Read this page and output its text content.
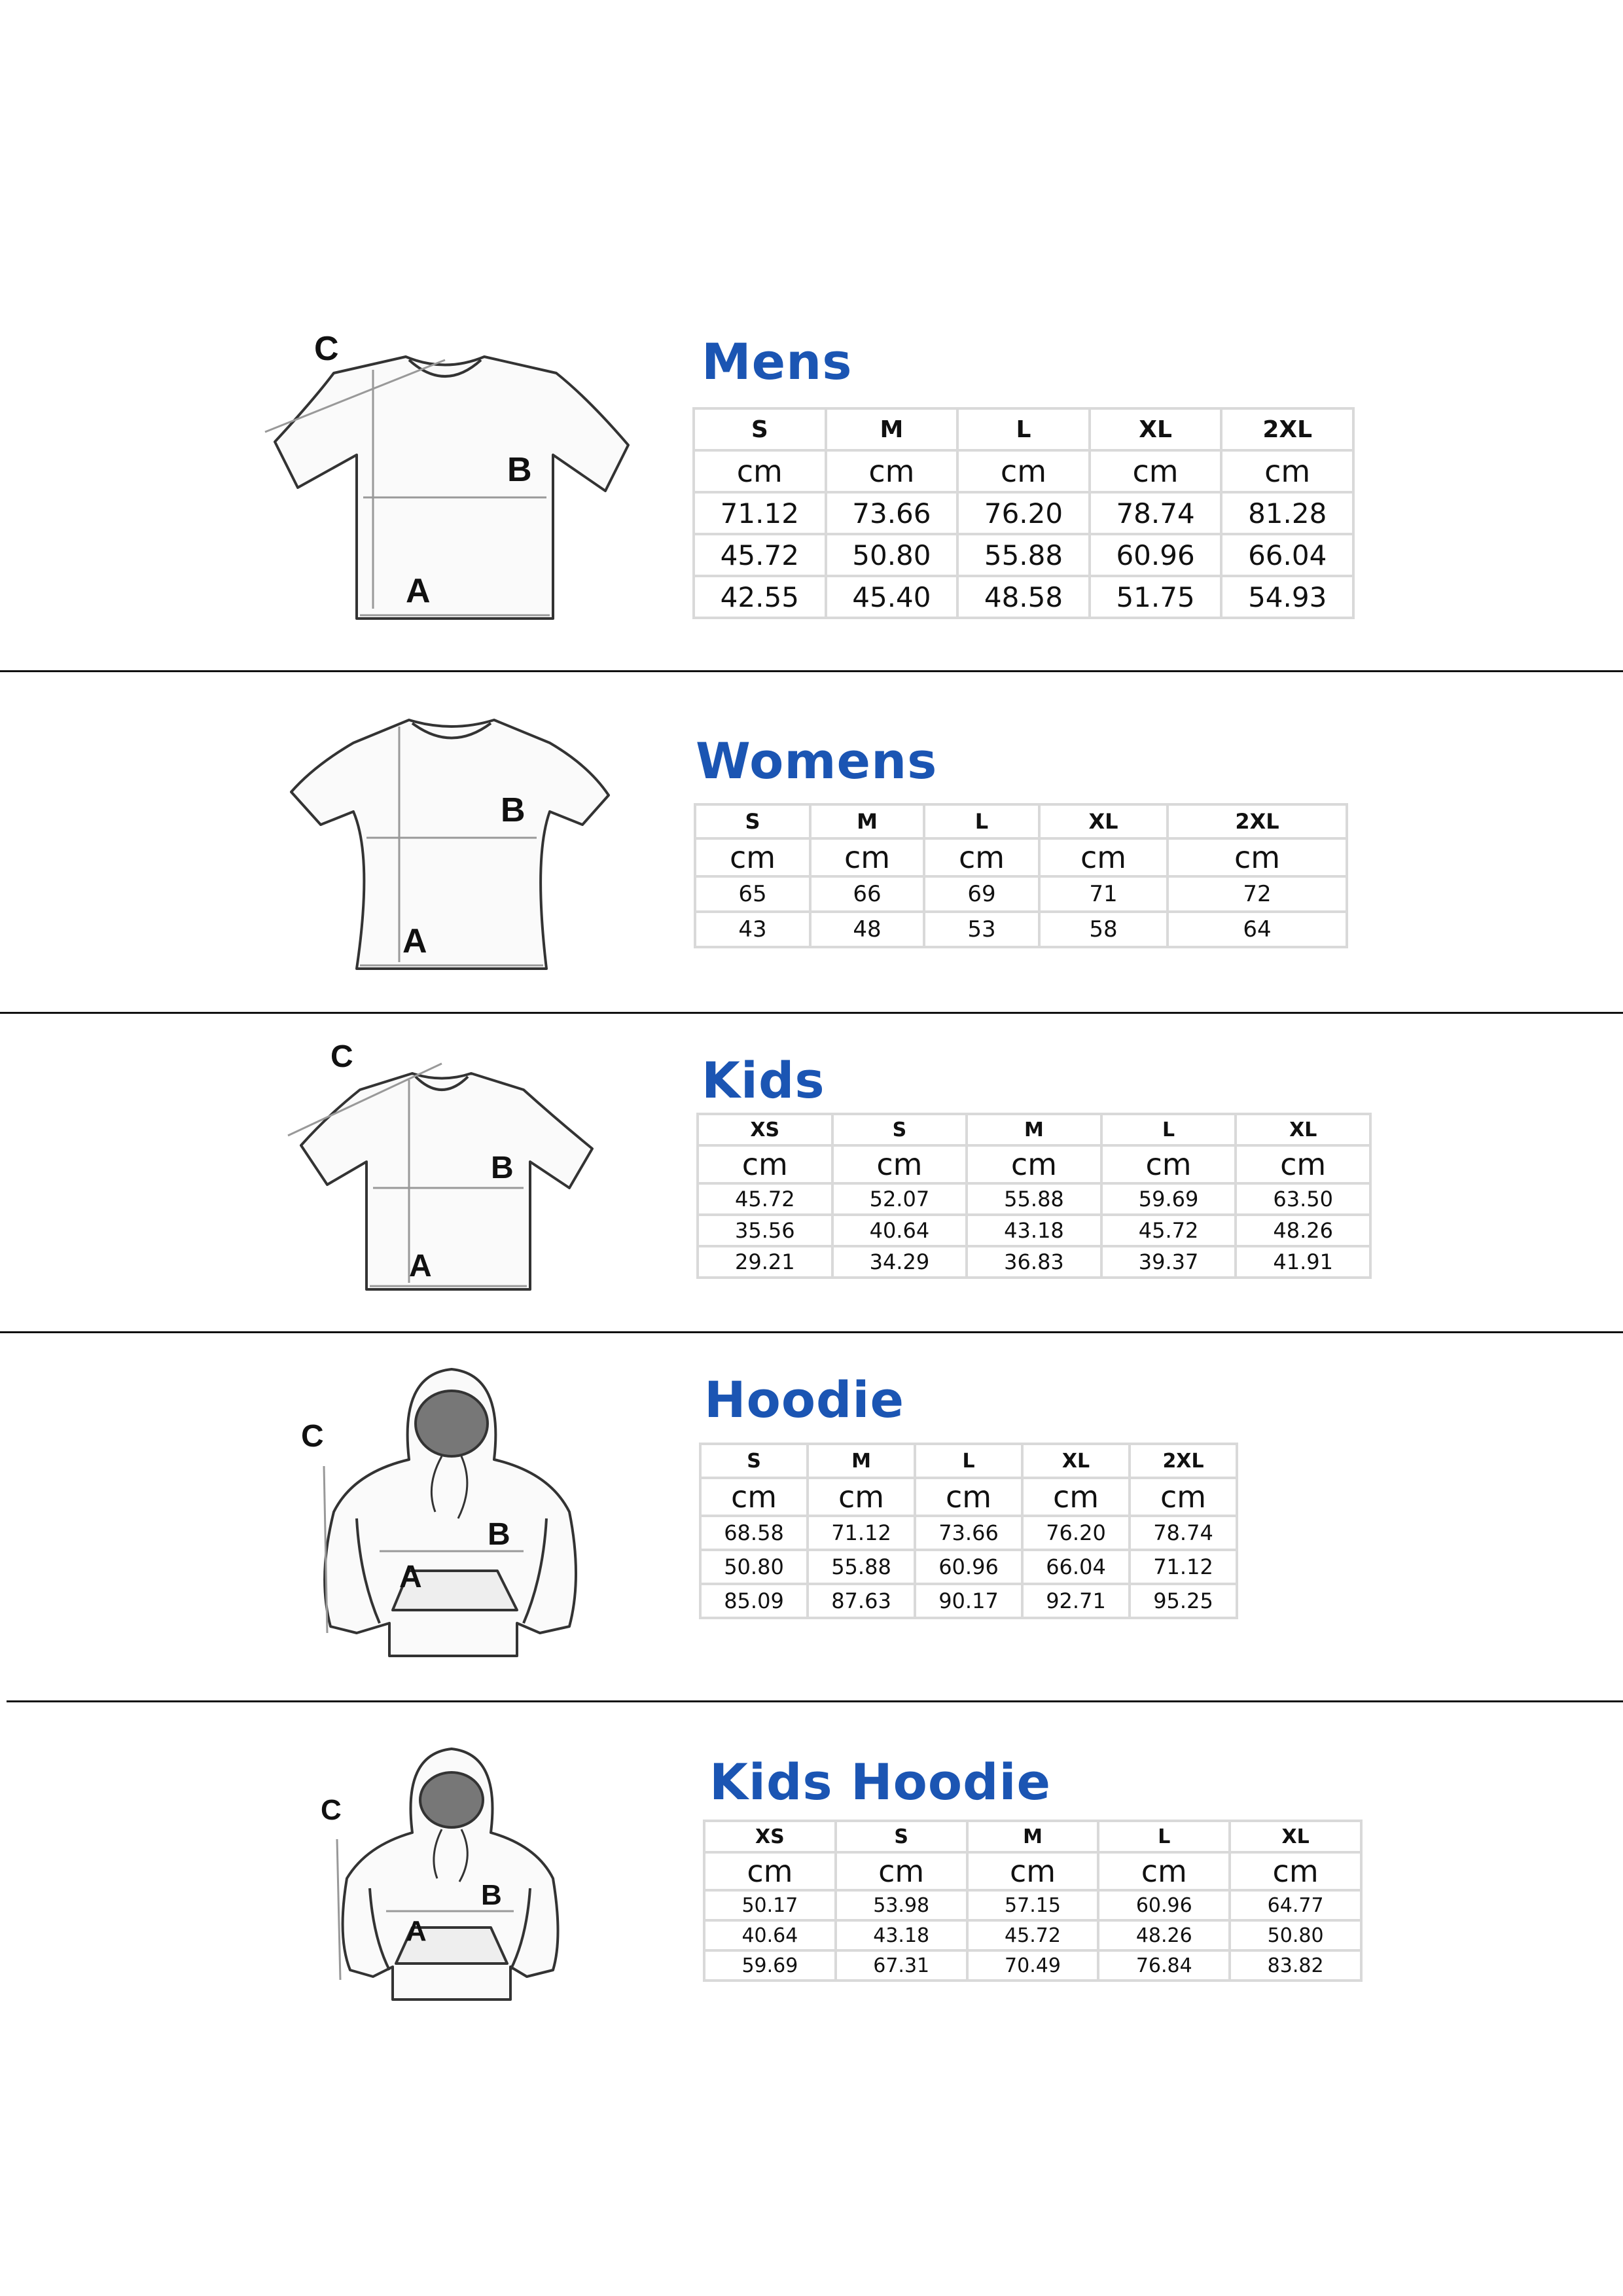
C
B
A
Mens
S	M	L	XL	2XL
cm	cm	cm	cm	cm
71.12	73.66	76.20	78.74	81.28
45.72	50.80	55.88	60.96	66.04
42.55	45.40	48.58	51.75	54.93
B
A
Womens
S	M	L	XL	2XL
cm	cm	cm	cm	cm
65	66	69	71	72
43	48	53	58	64
C
B
A
Kids
XS	S	M	L	XL
cm	cm	cm	cm	cm
45.72	52.07	55.88	59.69	63.50
35.56	40.64	43.18	45.72	48.26
29.21	34.29	36.83	39.37	41.91
C
B
A
Hoodie
S	M	L	XL	2XL
cm	cm	cm	cm	cm
68.58	71.12	73.66	76.20	78.74
50.80	55.88	60.96	66.04	71.12
85.09	87.63	90.17	92.71	95.25
C
B
A
Kids Hoodie
XS	S	M	L	XL
cm	cm	cm	cm	cm
50.17	53.98	57.15	60.96	64.77
40.64	43.18	45.72	48.26	50.80
59.69	67.31	70.49	76.84	83.82
